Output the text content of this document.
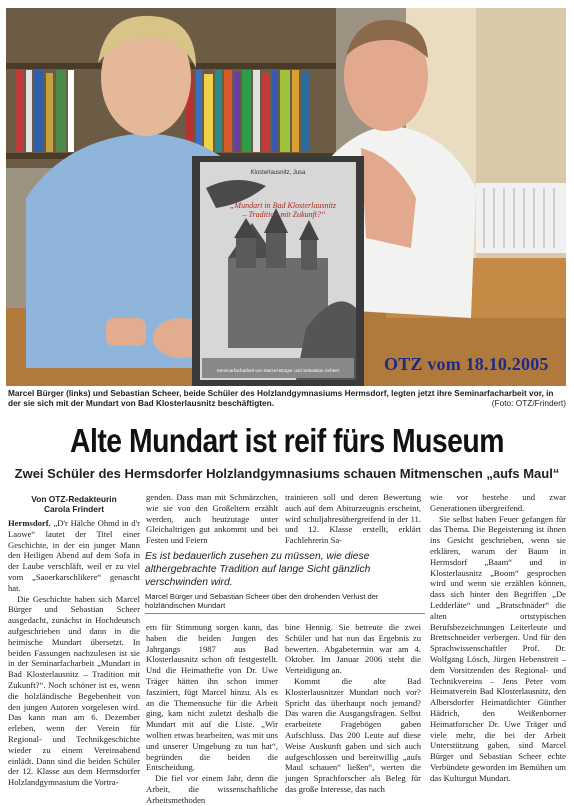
Klosterlausnitz, Jusa
„Mundart in Bad Klosterlausnitz – Tradition mit Zukunft?“
Seminarfacharbeit von Marcel Bürger und Sebastian Scheer OTZ vom 18.10.2005
Marcel Bürger (links) und Sebastian Scheer, beide Schüler des Holzlandgymnasiums Hermsdorf, legten jetzt ihre Seminarfacharbeit vor, in der sie sich mit der Mundart von Bad Klosterlausnitz beschäftigten.	(Foto: OTZ/Frindert)
Alte Mundart ist reif fürs Museum
Zwei Schüler des Hermsdorfer Holzlandgymnasiums schauen Mitmenschen „aufs Maul“
Von OTZ-Redakteurin
Carola Frindert

Hermsdorf. „D'r Hälche Ohmd in d'r Laowe“ lautet der Titel einer Geschichte, in der ein junger Mann den Heiligen Abend auf dem Sofa in der Laube verschläft, weil er zu viel vom „Saoerkarschlikere“ genascht hat.

Die Geschichte haben sich Marcel Bürger und Sebastian Scheer ausgedacht, zunächst in Hochdeutsch aufgeschrieben und dann in die heimische Mundart übersetzt. In beiden Fassungen nachzulesen ist sie in der Seminarfacharbeit „Mundart in Bad Klosterlausnitz – Tradition mit Zukunft?“. Noch schöner ist es, wenn die holzländische Begebenheit von den jungen Autoren vorgelesen wird. Das kann man am 6. Dezember erleben, wenn der Verein für Regional- und Technikgeschichte wieder zu einem Vereinsabend einlädt. Dann sind die beiden Schüler der 12. Klasse aus dem Hermsdorfer Holzlandgymnasium die Vortra-

genden. Dass man mit Schmärzchen, wie sie von den Großeltern erzählt werden, auch heutzutage unter Gleichaltrigen gut ankommt und bei Festen und Feiern

trainieren soll und deren Bewertung auch auf dem Abiturzeugnis erscheint, wird schuljahresübergreifend in der 11. und 12. Klasse erstellt, erklärt Fachlehrerin Sa-

Es ist bedauerlich zusehen zu müssen, wie diese althergebrachte Tradition auf lange Sicht gänzlich verschwinden wird.
Marcel Bürger und Sebastian Scheer über den drohenden Verlust der holzländischen Mundart

ern für Stimmung sorgen kann, das haben die beiden Jungen des Jahrgangs 1987 aus Bad Klosterlausnitz schon oft festgestellt. Und die Heimathefte von Dr. Uwe Träger hätten ihn schon immer fasziniert, fügt Marcel hinzu. Als es an die Themensuche für die Arbeit ging, kam nicht zuletzt deshalb die Mundart mit auf die Liste. „Wir wollten etwas bearbeiten, was mit uns und unserer Umgebung zu tun hat“, begründen die beiden die Entscheidung.

Die fiel vor einem Jahr, denn die Arbeit, die wissenschaftliche Arbeitsmethoden

bine Hennig. Sie betreute die zwei Schüler und hat nun das Ergebnis zu bewerten. Abgabetermin war am 4. Oktober. Im Januar 2006 steht die Verteidigung an.

Kommt die alte Bad Klosterlausnitzer Mundart noch vor? Spricht das überhaupt noch jemand? Das waren die Ausgangsfragen. Selbst erarbeitete Fragebögen gaben Aufschluss. Das 200 Leute auf diese Weise Auskunft gaben und sich auch aufgeschlossen und bereitwillig „aufs Maul schauen“ ließen“, werten die jungen Sprachforscher als Beleg für das große Interesse, das nach

wie vor bestehe und zwar Generationen übergreifend.

Sie selbst haben Feuer gefangen für das Thema. Die Begeisterung ist ihnen ins Gesicht geschrieben, wenn sie erklären, warum der Baum in Hermsdorf „Baam“ und in Klosterlausnitz „Boom“ gesprochen wird und wenn sie erzählen können, dass sich hinter den Begriffen „De Ledderläte“ und „Bratschnäder“ die alten ortstypischen Berufsbezeichnungen Leiterleute und Brettschneider verbergen. Und für den Sprachwissenschaftler Prof. Dr. Wolfgang Lösch, Jürgen Hebenstreit – dem Vorsitzenden des Regional- und Technikvereins – Jens Peter vom Heimatverein Bad Klosterlausnitz, den Albersdorfer Heimatdichter Günther Hädrich, den Weißenborner Heimatforscher Dr. Uwe Träger und viele mehr, die bei der Arbeit Unterstützung gaben, sind Marcel Bürger und Sebastian Scheer echte Verbündete geworden im Bemühen um das Kulturgut Mundart.
